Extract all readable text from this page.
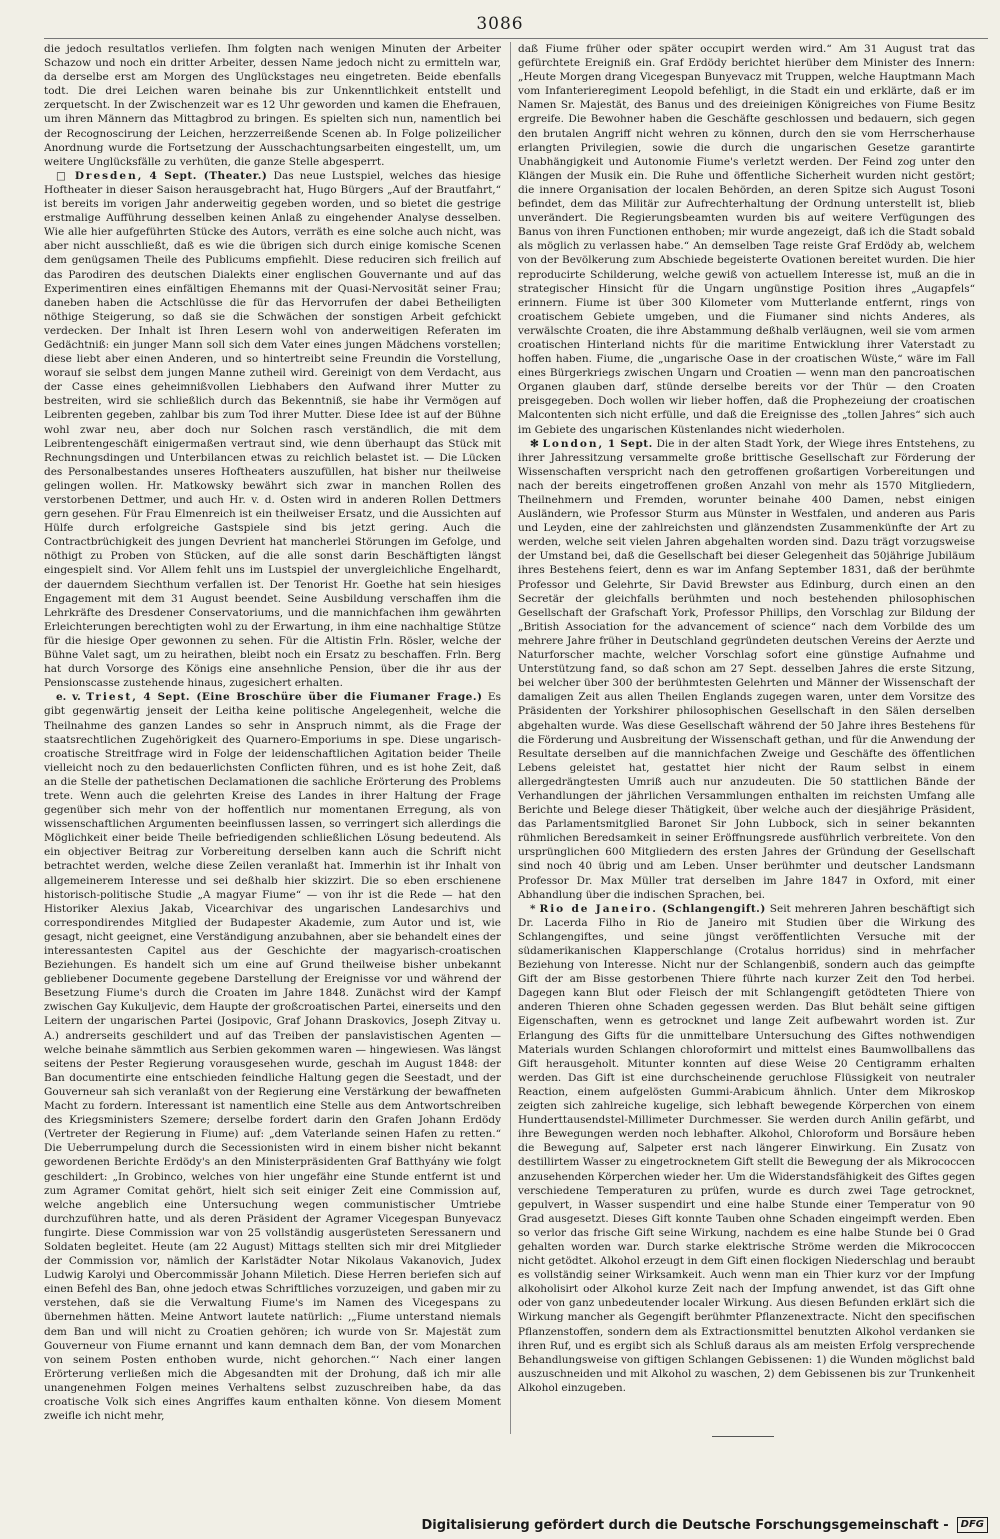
3086

die jedoch resultatlos verliefen. Ihm folgten nach wenigen Minuten der Arbeiter Schazow und noch ein dritter Arbeiter, dessen Name jedoch nicht zu ermitteln war, da derselbe erst am Morgen des Unglückstages neu eingetreten. Beide ebenfalls todt. Die drei Leichen waren beinahe bis zur Unkenntlichkeit entstellt und zerquetscht. In der Zwischenzeit war es 12 Uhr geworden und kamen die Ehefrauen, um ihren Männern das Mittagbrod zu bringen. Es spielten sich nun, namentlich bei der Recognoscirung der Leichen, herzzerreißende Scenen ab. In Folge polizeilicher Anordnung wurde die Fortsetzung der Ausschachtungsarbeiten eingestellt, um, um weitere Unglücksfälle zu verhüten, die ganze Stelle abgesperrt.

□ Dresden, 4 Sept. (Theater.) Das neue Lustspiel, welches das hiesige Hoftheater in dieser Saison herausgebracht hat, Hugo Bürgers „Auf der Brautfahrt,“ ist bereits im vorigen Jahr anderweitig gegeben worden, und so bietet die gestrige erstmalige Aufführung desselben keinen Anlaß zu eingehender Analyse desselben. Wie alle hier aufgeführten Stücke des Autors, verräth es eine solche auch nicht, was aber nicht ausschließt, daß es wie die übrigen sich durch einige komische Scenen dem genügsamen Theile des Publicums empfiehlt. Diese reduciren sich freilich auf das Parodiren des deutschen Dialekts einer englischen Gouvernante und auf das Experimentiren eines einfältigen Ehemanns mit der Quasi-Nervosität seiner Frau; daneben haben die Actschlüsse die für das Hervorrufen der dabei Betheiligten nöthige Steigerung, so daß sie die Schwächen der sonstigen Arbeit gefchickt verdecken. Der Inhalt ist Ihren Lesern wohl von anderweitigen Referaten im Gedächtniß: ein junger Mann soll sich dem Vater eines jungen Mädchens vorstellen; diese liebt aber einen Anderen, und so hintertreibt seine Freundin die Vorstellung, worauf sie selbst dem jungen Manne zutheil wird. Gereinigt von dem Verdacht, aus der Casse eines geheimnißvollen Liebhabers den Aufwand ihrer Mutter zu bestreiten, wird sie schließlich durch das Bekenntniß, sie habe ihr Vermögen auf Leibrenten gegeben, zahlbar bis zum Tod ihrer Mutter. Diese Idee ist auf der Bühne wohl zwar neu, aber doch nur Solchen rasch verständlich, die mit dem Leibrentengeschäft einigermaßen vertraut sind, wie denn überhaupt das Stück mit Rechnungsdingen und Unterbilancen etwas zu reichlich belastet ist. — Die Lücken des Personalbestandes unseres Hoftheaters auszufüllen, hat bisher nur theilweise gelingen wollen. Hr. Matkowsky bewährt sich zwar in manchen Rollen des verstorbenen Dettmer, und auch Hr. v. d. Osten wird in anderen Rollen Dettmers gern gesehen. Für Frau Elmenreich ist ein theilweiser Ersatz, und die Aussichten auf Hülfe durch erfolgreiche Gastspiele sind bis jetzt gering. Auch die Contractbrüchigkeit des jungen Devrient hat mancherlei Störungen im Gefolge, und nöthigt zu Proben von Stücken, auf die alle sonst darin Beschäftigten längst eingespielt sind. Vor Allem fehlt uns im Lustspiel der unvergleichliche Engelhardt, der dauerndem Siechthum verfallen ist. Der Tenorist Hr. Goethe hat sein hiesiges Engagement mit dem 31 August beendet. Seine Ausbildung verschaffen ihm die Lehrkräfte des Dresdener Conservatoriums, und die mannichfachen ihm gewährten Erleichterungen berechtigten wohl zu der Erwartung, in ihm eine nachhaltige Stütze für die hiesige Oper gewonnen zu sehen. Für die Altistin Frln. Rösler, welche der Bühne Valet sagt, um zu heirathen, bleibt noch ein Ersatz zu beschaffen. Frln. Berg hat durch Vorsorge des Königs eine ansehnliche Pension, über die ihr aus der Pensionscasse zustehende hinaus, zugesichert erhalten.

e. v. Triest, 4 Sept. (Eine Broschüre über die Fiumaner Frage.) Es gibt gegenwärtig jenseit der Leitha keine politische Angelegenheit, welche die Theilnahme des ganzen Landes so sehr in Anspruch nimmt, als die Frage der staatsrechtlichen Zugehörigkeit des Quarnero-Emporiums in spe. Diese ungarisch-croatische Streitfrage wird in Folge der leidenschaftlichen Agitation beider Theile vielleicht noch zu den bedauerlichsten Conflicten führen, und es ist hohe Zeit, daß an die Stelle der pathetischen Declamationen die sachliche Erörterung des Problems trete. Wenn auch die gelehrten Kreise des Landes in ihrer Haltung der Frage gegenüber sich mehr von der hoffentlich nur momentanen Erregung, als von wissenschaftlichen Argumenten beeinflussen lassen, so verringert sich allerdings die Möglichkeit einer beide Theile befriedigenden schließlichen Lösung bedeutend. Als ein objectiver Beitrag zur Vorbereitung derselben kann auch die Schrift nicht betrachtet werden, welche diese Zeilen veranlaßt hat. Immerhin ist ihr Inhalt von allgemeinerem Interesse und sei deßhalb hier skizzirt. Die so eben erschienene historisch-politische Studie „A magyar Fiume“ — von ihr ist die Rede — hat den Historiker Alexius Jakab, Vicearchivar des ungarischen Landesarchivs und correspondirendes Mitglied der Budapester Akademie, zum Autor und ist, wie gesagt, nicht geeignet, eine Verständigung anzubahnen, aber sie behandelt eines der interessantesten Capitel aus der Geschichte der magyarisch-croatischen Beziehungen. Es handelt sich um eine auf Grund theilweise bisher unbekannt gebliebener Documente gegebene Darstellung der Ereignisse vor und während der Besetzung Fiume's durch die Croaten im Jahre 1848. Zunächst wird der Kampf zwischen Gay Kukuljevic, dem Haupte der großcroatischen Partei, einerseits und den Leitern der ungarischen Partei (Josipovic, Graf Johann Draskovics, Joseph Zitvay u. A.) andrerseits geschildert und auf das Treiben der panslavistischen Agenten — welche beinahe sämmtlich aus Serbien gekommen waren — hingewiesen. Was längst seitens der Pester Regierung vorausgesehen wurde, geschah im August 1848: der Ban documentirte eine entschieden feindliche Haltung gegen die Seestadt, und der Gouverneur sah sich veranlaßt von der Regierung eine Verstärkung der bewaffneten Macht zu fordern. Interessant ist namentlich eine Stelle aus dem Antwortschreiben des Kriegsministers Szemere; derselbe fordert darin den Grafen Johann Erdödy (Vertreter der Regierung in Fiume) auf: „dem Vaterlande seinen Hafen zu retten.“ Die Ueberrumpelung durch die Secessionisten wird in einem bisher nicht bekannt gewordenen Berichte Erdödy's an den Ministerpräsidenten Graf Batthyány wie folgt geschildert: „In Grobinco, welches von hier ungefähr eine Stunde entfernt ist und zum Agramer Comitat gehört, hielt sich seit einiger Zeit eine Commission auf, welche angeblich eine Untersuchung wegen communistischer Umtriebe durchzuführen hatte, und als deren Präsident der Agramer Vicegespan Bunyevacz fungirte. Diese Commission war von 25 vollständig ausgerüsteten Seressanern und Soldaten begleitet. Heute (am 22 August) Mittags stellten sich mir drei Mitglieder der Commission vor, nämlich der Karlstädter Notar Nikolaus Vakanovich, Judex Ludwig Karolyi und Obercommissär Johann Miletich. Diese Herren beriefen sich auf einen Befehl des Ban, ohne jedoch etwas Schriftliches vorzuzeigen, und gaben mir zu verstehen, daß sie die Verwaltung Fiume's im Namen des Vicegespans zu übernehmen hätten. Meine Antwort lautete natürlich: ‚„Fiume unterstand niemals dem Ban und will nicht zu Croatien gehören; ich wurde von Sr. Majestät zum Gouverneur von Fiume ernannt und kann demnach dem Ban, der vom Monarchen von seinem Posten enthoben wurde, nicht gehorchen.“‘ Nach einer langen Erörterung verließen mich die Abgesandten mit der Drohung, daß ich mir alle unangenehmen Folgen meines Verhaltens selbst zuzuschreiben habe, da das croatische Volk sich eines Angriffes kaum enthalten könne. Von diesem Moment zweifle ich nicht mehr,

daß Fiume früher oder später occupirt werden wird.“ Am 31 August trat das gefürchtete Ereigniß ein. Graf Erdödy berichtet hierüber dem Minister des Innern: „Heute Morgen drang Vicegespan Bunyevacz mit Truppen, welche Hauptmann Mach vom Infanterieregiment Leopold befehligt, in die Stadt ein und erklärte, daß er im Namen Sr. Majestät, des Banus und des dreieinigen Königreiches von Fiume Besitz ergreife. Die Bewohner haben die Geschäfte geschlossen und bedauern, sich gegen den brutalen Angriff nicht wehren zu können, durch den sie vom Herrscherhause erlangten Privilegien, sowie die durch die ungarischen Gesetze garantirte Unabhängigkeit und Autonomie Fiume's verletzt werden. Der Feind zog unter den Klängen der Musik ein. Die Ruhe und öffentliche Sicherheit wurden nicht gestört; die innere Organisation der localen Behörden, an deren Spitze sich August Tosoni befindet, dem das Militär zur Aufrechterhaltung der Ordnung unterstellt ist, blieb unverändert. Die Regierungsbeamten wurden bis auf weitere Verfügungen des Banus von ihren Functionen enthoben; mir wurde angezeigt, daß ich die Stadt sobald als möglich zu verlassen habe.“ An demselben Tage reiste Graf Erdödy ab, welchem von der Bevölkerung zum Abschiede begeisterte Ovationen bereitet wurden. Die hier reproducirte Schilderung, welche gewiß von actuellem Interesse ist, muß an die in strategischer Hinsicht für die Ungarn ungünstige Position ihres „Augapfels“ erinnern. Fiume ist über 300 Kilometer vom Mutterlande entfernt, rings von croatischem Gebiete umgeben, und die Fiumaner sind nichts Anderes, als verwälschte Croaten, die ihre Abstammung deßhalb verläugnen, weil sie vom armen croatischen Hinterland nichts für die maritime Entwicklung ihrer Vaterstadt zu hoffen haben. Fiume, die „ungarische Oase in der croatischen Wüste,“ wäre im Fall eines Bürgerkriegs zwischen Ungarn und Croatien — wenn man den pancroatischen Organen glauben darf, stünde derselbe bereits vor der Thür — den Croaten preisgegeben. Doch wollen wir lieber hoffen, daß die Prophezeiung der croatischen Malcontenten sich nicht erfülle, und daß die Ereignisse des „tollen Jahres“ sich auch im Gebiete des ungarischen Küstenlandes nicht wiederholen.

✻ London, 1 Sept. Die in der alten Stadt York, der Wiege ihres Entstehens, zu ihrer Jahressitzung versammelte große brittische Gesellschaft zur Förderung der Wissenschaften verspricht nach den getroffenen großartigen Vorbereitungen und nach der bereits eingetroffenen großen Anzahl von mehr als 1570 Mitgliedern, Theilnehmern und Fremden, worunter beinahe 400 Damen, nebst einigen Ausländern, wie Professor Sturm aus Münster in Westfalen, und anderen aus Paris und Leyden, eine der zahlreichsten und glänzendsten Zusammenkünfte der Art zu werden, welche seit vielen Jahren abgehalten worden sind. Dazu trägt vorzugsweise der Umstand bei, daß die Gesellschaft bei dieser Gelegenheit das 50jährige Jubiläum ihres Bestehens feiert, denn es war im Anfang September 1831, daß der berühmte Professor und Gelehrte, Sir David Brewster aus Edinburg, durch einen an den Secretär der gleichfalls berühmten und noch bestehenden philosophischen Gesellschaft der Grafschaft York, Professor Phillips, den Vorschlag zur Bildung der „British Association for the advancement of science“ nach dem Vorbilde des um mehrere Jahre früher in Deutschland gegründeten deutschen Vereins der Aerzte und Naturforscher machte, welcher Vorschlag sofort eine günstige Aufnahme und Unterstützung fand, so daß schon am 27 Sept. desselben Jahres die erste Sitzung, bei welcher über 300 der berühmtesten Gelehrten und Männer der Wissenschaft der damaligen Zeit aus allen Theilen Englands zugegen waren, unter dem Vorsitze des Präsidenten der Yorkshirer philosophischen Gesellschaft in den Sälen derselben abgehalten wurde. Was diese Gesellschaft während der 50 Jahre ihres Bestehens für die Förderung und Ausbreitung der Wissenschaft gethan, und für die Anwendung der Resultate derselben auf die mannichfachen Zweige und Geschäfte des öffentlichen Lebens geleistet hat, gestattet hier nicht der Raum selbst in einem allergedrängtesten Umriß auch nur anzudeuten. Die 50 stattlichen Bände der Verhandlungen der jährlichen Versammlungen enthalten im reichsten Umfang alle Berichte und Belege dieser Thätigkeit, über welche auch der diesjährige Präsident, das Parlamentsmitglied Baronet Sir John Lubbock, sich in seiner bekannten rühmlichen Beredsamkeit in seiner Eröffnungsrede ausführlich verbreitete. Von den ursprünglichen 600 Mitgliedern des ersten Jahres der Gründung der Gesellschaft sind noch 40 übrig und am Leben. Unser berühmter und deutscher Landsmann Professor Dr. Max Müller trat derselben im Jahre 1847 in Oxford, mit einer Abhandlung über die indischen Sprachen, bei.

* Rio de Janeiro. (Schlangengift.) Seit mehreren Jahren beschäftigt sich Dr. Lacerda Filho in Rio de Janeiro mit Studien über die Wirkung des Schlangengiftes, und seine jüngst veröffentlichten Versuche mit der südamerikanischen Klapperschlange (Crotalus horridus) sind in mehrfacher Beziehung von Interesse. Nicht nur der Schlangenbiß, sondern auch das geimpfte Gift der am Bisse gestorbenen Thiere führte nach kurzer Zeit den Tod herbei. Dagegen kann Blut oder Fleisch der mit Schlangengift getödteten Thiere von anderen Thieren ohne Schaden gegessen werden. Das Blut behält seine giftigen Eigenschaften, wenn es getrocknet und lange Zeit aufbewahrt worden ist. Zur Erlangung des Gifts für die unmittelbare Untersuchung des Giftes nothwendigen Materials wurden Schlangen chloroformirt und mittelst eines Baumwollballens das Gift herausgeholt. Mitunter konnten auf diese Weise 20 Centigramm erhalten werden. Das Gift ist eine durchscheinende geruchlose Flüssigkeit von neutraler Reaction, einem aufgelösten Gummi-Arabicum ähnlich. Unter dem Mikroskop zeigten sich zahlreiche kugelige, sich lebhaft bewegende Körperchen von einem Hunderttausendstel-Millimeter Durchmesser. Sie werden durch Anilin gefärbt, und ihre Bewegungen werden noch lebhafter. Alkohol, Chloroform und Borsäure heben die Bewegung auf, Salpeter erst nach längerer Einwirkung. Ein Zusatz von destillirtem Wasser zu eingetrocknetem Gift stellt die Bewegung der als Mikrococcen anzusehenden Körperchen wieder her. Um die Widerstandsfähigkeit des Giftes gegen verschiedene Temperaturen zu prüfen, wurde es durch zwei Tage getrocknet, gepulvert, in Wasser suspendirt und eine halbe Stunde einer Temperatur von 90 Grad ausgesetzt. Dieses Gift konnte Tauben ohne Schaden eingeimpft werden. Eben so verlor das frische Gift seine Wirkung, nachdem es eine halbe Stunde bei 0 Grad gehalten worden war. Durch starke elektrische Ströme werden die Mikrococcen nicht getödtet. Alkohol erzeugt in dem Gift einen flockigen Niederschlag und beraubt es vollständig seiner Wirksamkeit. Auch wenn man ein Thier kurz vor der Impfung alkoholisirt oder Alkohol kurze Zeit nach der Impfung anwendet, ist das Gift ohne oder von ganz unbedeutender localer Wirkung. Aus diesen Befunden erklärt sich die Wirkung mancher als Gegengift berühmter Pflanzenextracte. Nicht den specifischen Pflanzenstoffen, sondern dem als Extractionsmittel benutzten Alkohol verdanken sie ihren Ruf, und es ergibt sich als Schluß daraus als am meisten Erfolg versprechende Behandlungsweise von giftigen Schlangen Gebissenen: 1) die Wunden möglichst bald auszuschneiden und mit Alkohol zu waschen, 2) dem Gebissenen bis zur Trunkenheit Alkohol einzugeben.

Digitalisierung gefördert durch die Deutsche Forschungsgemeinschaft -	DFG
